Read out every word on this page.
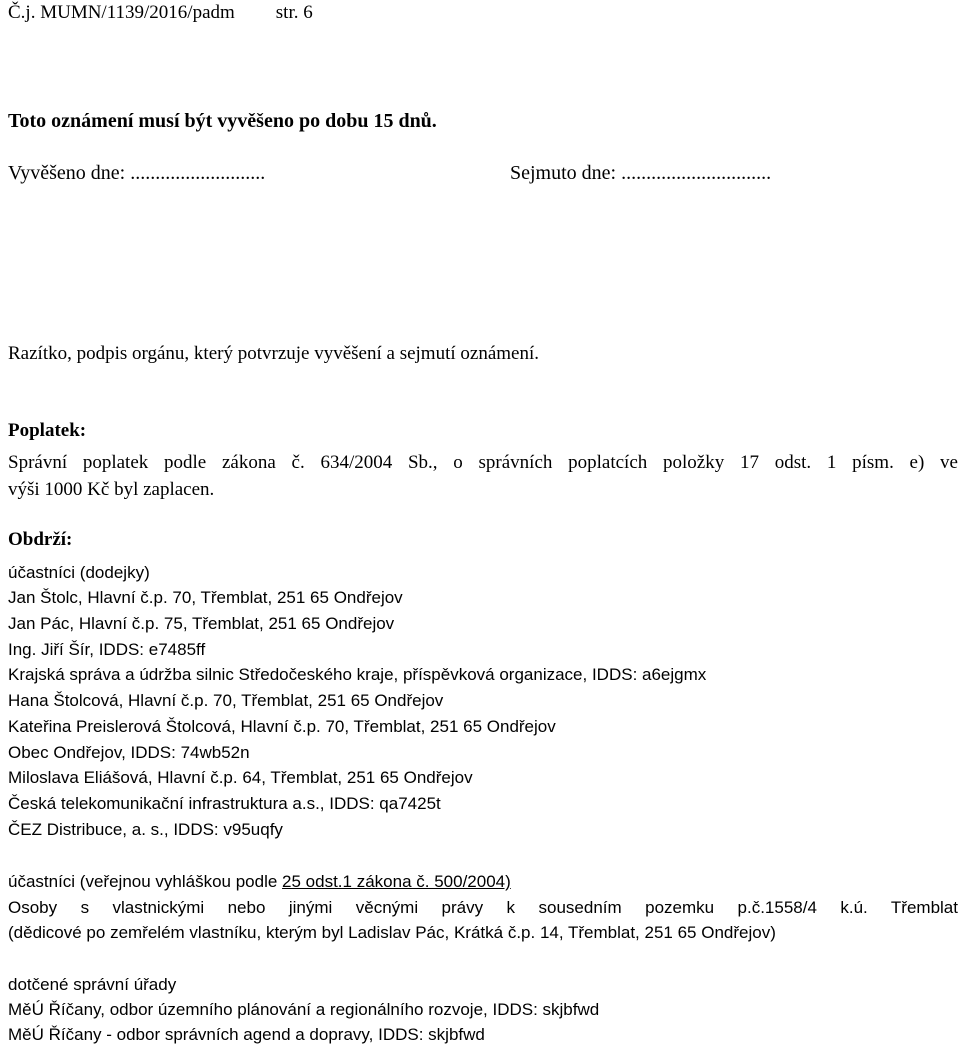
Č.j. MUMN/1139/2016/padm str. 6
Toto oznámení musí být vyvěšeno po dobu 15 dnů.
Vyvěšeno dne: ...........................	Sejmuto dne: ..............................
Razítko, podpis orgánu, který potvrzuje vyvěšení a sejmutí oznámení.
Poplatek:
Správní poplatek podle zákona č. 634/2004 Sb., o správních poplatcích položky 17 odst. 1 písm. e) ve
výši 1000 Kč byl zaplacen.
Obdrží:
účastníci (dodejky)
Jan Štolc, Hlavní č.p. 70, Třemblat, 251 65 Ondřejov
Jan Pác, Hlavní č.p. 75, Třemblat, 251 65 Ondřejov
Ing. Jiří Šír, IDDS: e7485ff
Krajská správa a údržba silnic Středočeského kraje, příspěvková organizace, IDDS: a6ejgmx
Hana Štolcová, Hlavní č.p. 70, Třemblat, 251 65 Ondřejov
Kateřina Preislerová Štolcová, Hlavní č.p. 70, Třemblat, 251 65 Ondřejov
Obec Ondřejov, IDDS: 74wb52n
Miloslava Eliášová, Hlavní č.p. 64, Třemblat, 251 65 Ondřejov
Česká telekomunikační infrastruktura a.s., IDDS: qa7425t
ČEZ Distribuce, a. s., IDDS: v95uqfy
účastníci (veřejnou vyhláškou podle 25 odst.1 zákona č. 500/2004)
Osoby s vlastnickými nebo jinými věcnými právy k sousedním pozemku p.č.1558/4 k.ú. Třemblat
(dědicové po zemřelém vlastníku, kterým byl Ladislav Pác, Krátká č.p. 14, Třemblat, 251 65 Ondřejov)
dotčené správní úřady
MěÚ Říčany, odbor územního plánování a regionálního rozvoje, IDDS: skjbfwd
MěÚ Říčany - odbor správních agend a dopravy, IDDS: skjbfwd
